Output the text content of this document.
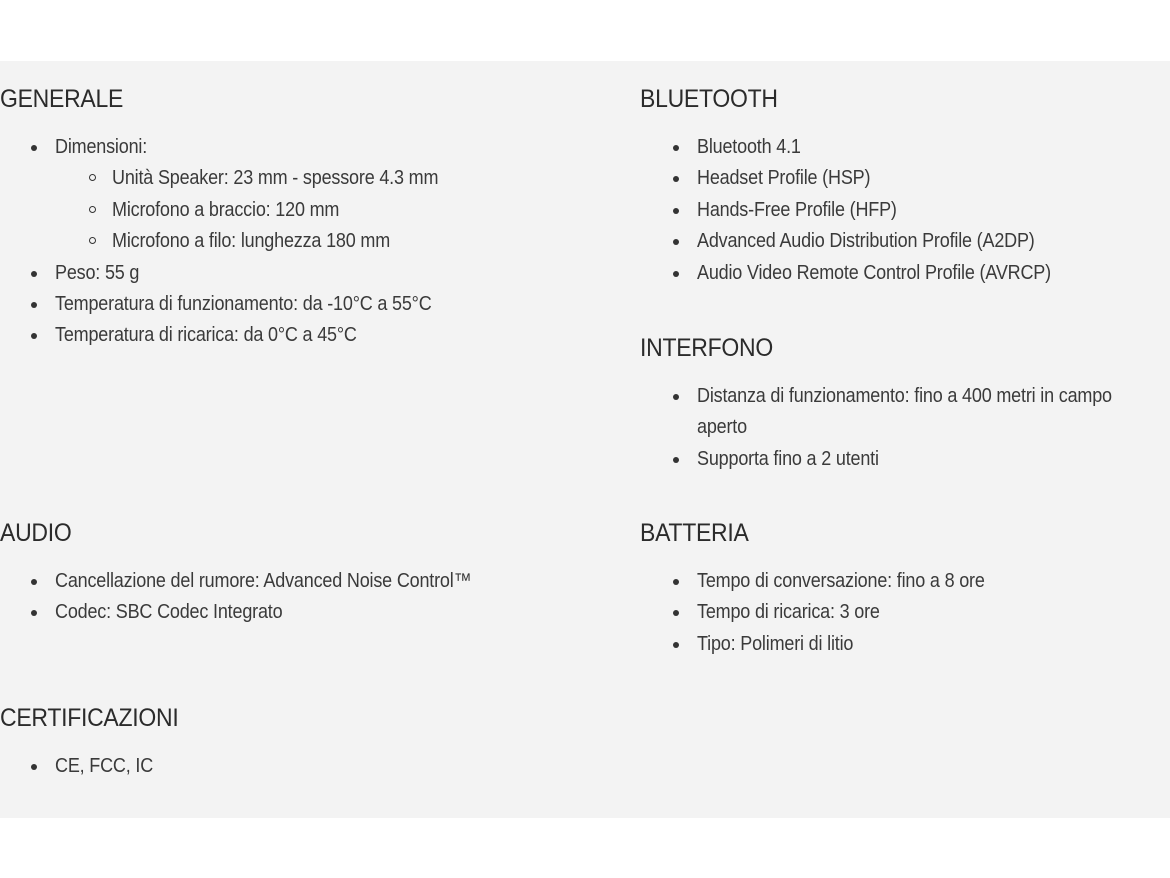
GENERALE
Dimensioni:
Unità Speaker: 23 mm - spessore 4.3 mm
Microfono a braccio: 120 mm
Microfono a filo: lunghezza 180 mm
Peso: 55 g
Temperatura di funzionamento: da -10°C a 55°C
Temperatura di ricarica: da 0°C a 45°C
BLUETOOTH
Bluetooth 4.1
Headset Profile (HSP)
Hands-Free Profile (HFP)
Advanced Audio Distribution Profile (A2DP)
Audio Video Remote Control Profile (AVRCP)
INTERFONO
Distanza di funzionamento: fino a 400 metri in campo aperto
Supporta fino a 2 utenti
AUDIO
Cancellazione del rumore: Advanced Noise Control™
Codec: SBC Codec Integrato
BATTERIA
Tempo di conversazione: fino a 8 ore
Tempo di ricarica: 3 ore
Tipo: Polimeri di litio
CERTIFICAZIONI
CE, FCC, IC
